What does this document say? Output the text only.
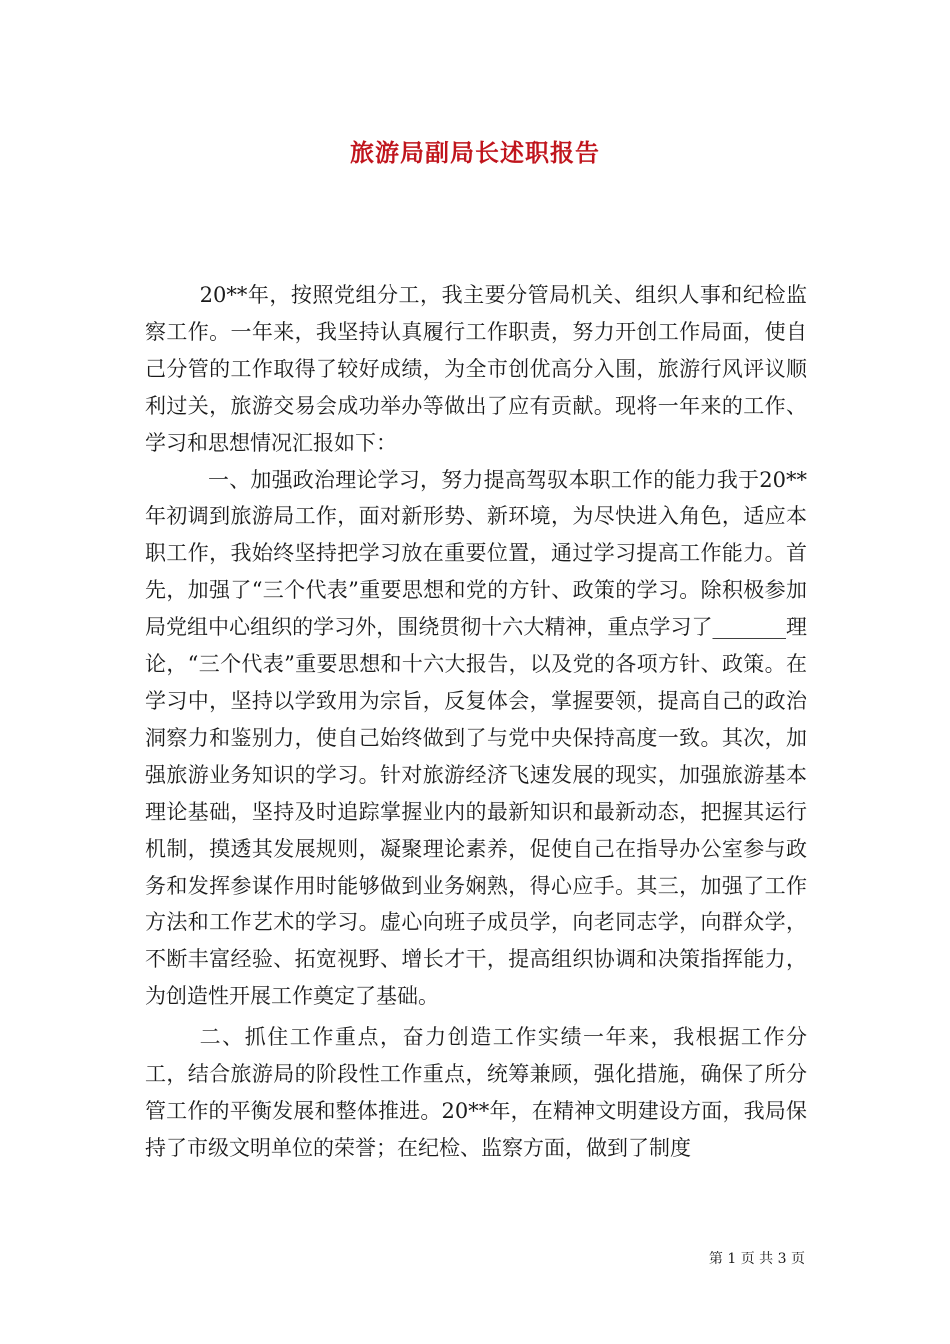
旅游局副局长述职报告

20**年，按照党组分工，我主要分管局机关、组织人事和纪检监察工作。一年来，我坚持认真履行工作职责，努力开创工作局面，使自己分管的工作取得了较好成绩，为全市创优高分入围，旅游行风评议顺利过关，旅游交易会成功举办等做出了应有贡献。现将一年来的工作、学习和思想情况汇报如下：

一、加强政治理论学习，努力提高驾驭本职工作的能力我于20**年初调到旅游局工作，面对新形势、新环境，为尽快进入角色，适应本职工作，我始终坚持把学习放在重要位置，通过学习提高工作能力。首先，加强了“三个代表”重要思想和党的方针、政策的学习。除积极参加局党组中心组织的学习外，围绕贯彻十六大精神，重点学习了_______理论，“三个代表”重要思想和十六大报告，以及党的各项方针、政策。在学习中，坚持以学致用为宗旨，反复体会，掌握要领，提高自己的政治洞察力和鉴别力，使自己始终做到了与党中央保持高度一致。其次，加强旅游业务知识的学习。针对旅游经济飞速发展的现实，加强旅游基本理论基础，坚持及时追踪掌握业内的最新知识和最新动态，把握其运行机制，摸透其发展规则，凝聚理论素养，促使自己在指导办公室参与政务和发挥参谋作用时能够做到业务娴熟，得心应手。其三，加强了工作方法和工作艺术的学习。虚心向班子成员学，向老同志学，向群众学，不断丰富经验、拓宽视野、增长才干，提高组织协调和决策指挥能力，为创造性开展工作奠定了基础。

二、抓住工作重点，奋力创造工作实绩一年来，我根据工作分工，结合旅游局的阶段性工作重点，统筹兼顾，强化措施，确保了所分管工作的平衡发展和整体推进。20**年，在精神文明建设方面，我局保持了市级文明单位的荣誉；在纪检、监察方面，做到了制度

第 1 页 共 3 页
